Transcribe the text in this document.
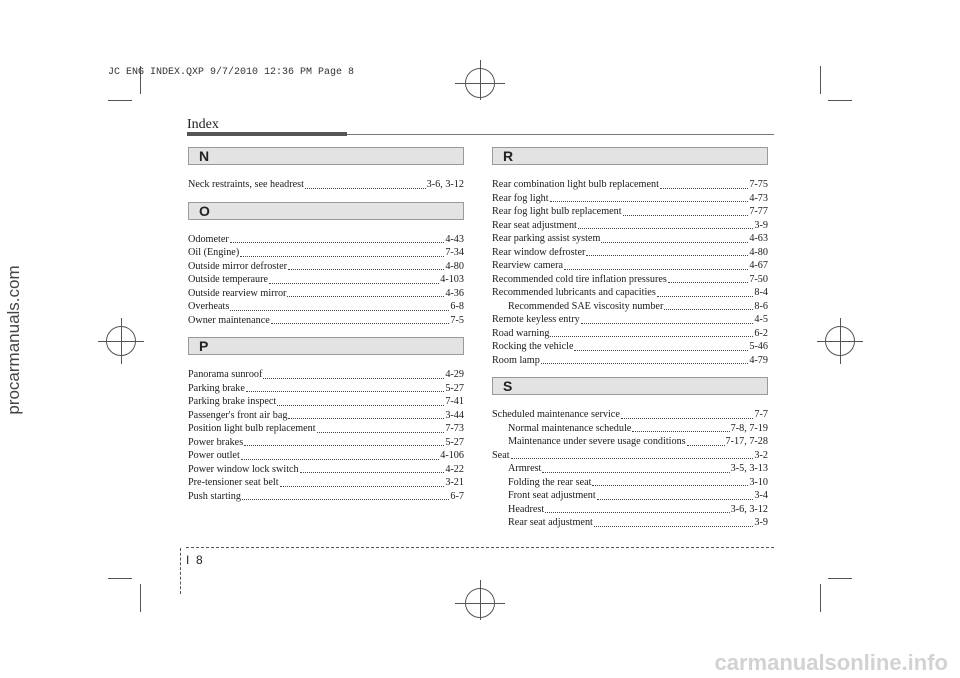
JC ENG INDEX.QXP 9/7/2010 12:36 PM Page 8
procarmanuals.com
carmanualsonline.info
Index
N
Neck restraints, see headrest	3-6, 3-12
O
Odometer	4-43
Oil (Engine)	7-34
Outside mirror defroster	4-80
Outside temperaure	4-103
Outside rearview mirror	4-36
Overheats	6-8
Owner maintenance	7-5
P
Panorama sunroof	4-29
Parking brake	5-27
Parking brake inspect	7-41
Passenger's front air bag	3-44
Position light bulb replacement	7-73
Power brakes	5-27
Power outlet	4-106
Power window lock switch	4-22
Pre-tensioner seat belt	3-21
Push starting	6-7
R
Rear combination light bulb replacement	7-75
Rear fog light	4-73
Rear fog light bulb replacement	7-77
Rear seat adjustment	3-9
Rear parking assist system	4-63
Rear window defroster	4-80
Rearview camera	4-67
Recommended cold tire inflation pressures	7-50
Recommended lubricants and capacities	8-4
Recommended SAE viscosity number	8-6
Remote keyless entry	4-5
Road warning	6-2
Rocking the vehicle	5-46
Room lamp	4-79
S
Scheduled maintenance service	7-7
Normal maintenance schedule	7-8, 7-19
Maintenance under severe usage conditions	7-17, 7-28
Seat	3-2
Armrest	3-5, 3-13
Folding the rear seat	3-10
Front seat adjustment	3-4
Headrest	3-6, 3-12
Rear seat adjustment	3-9
I 8
